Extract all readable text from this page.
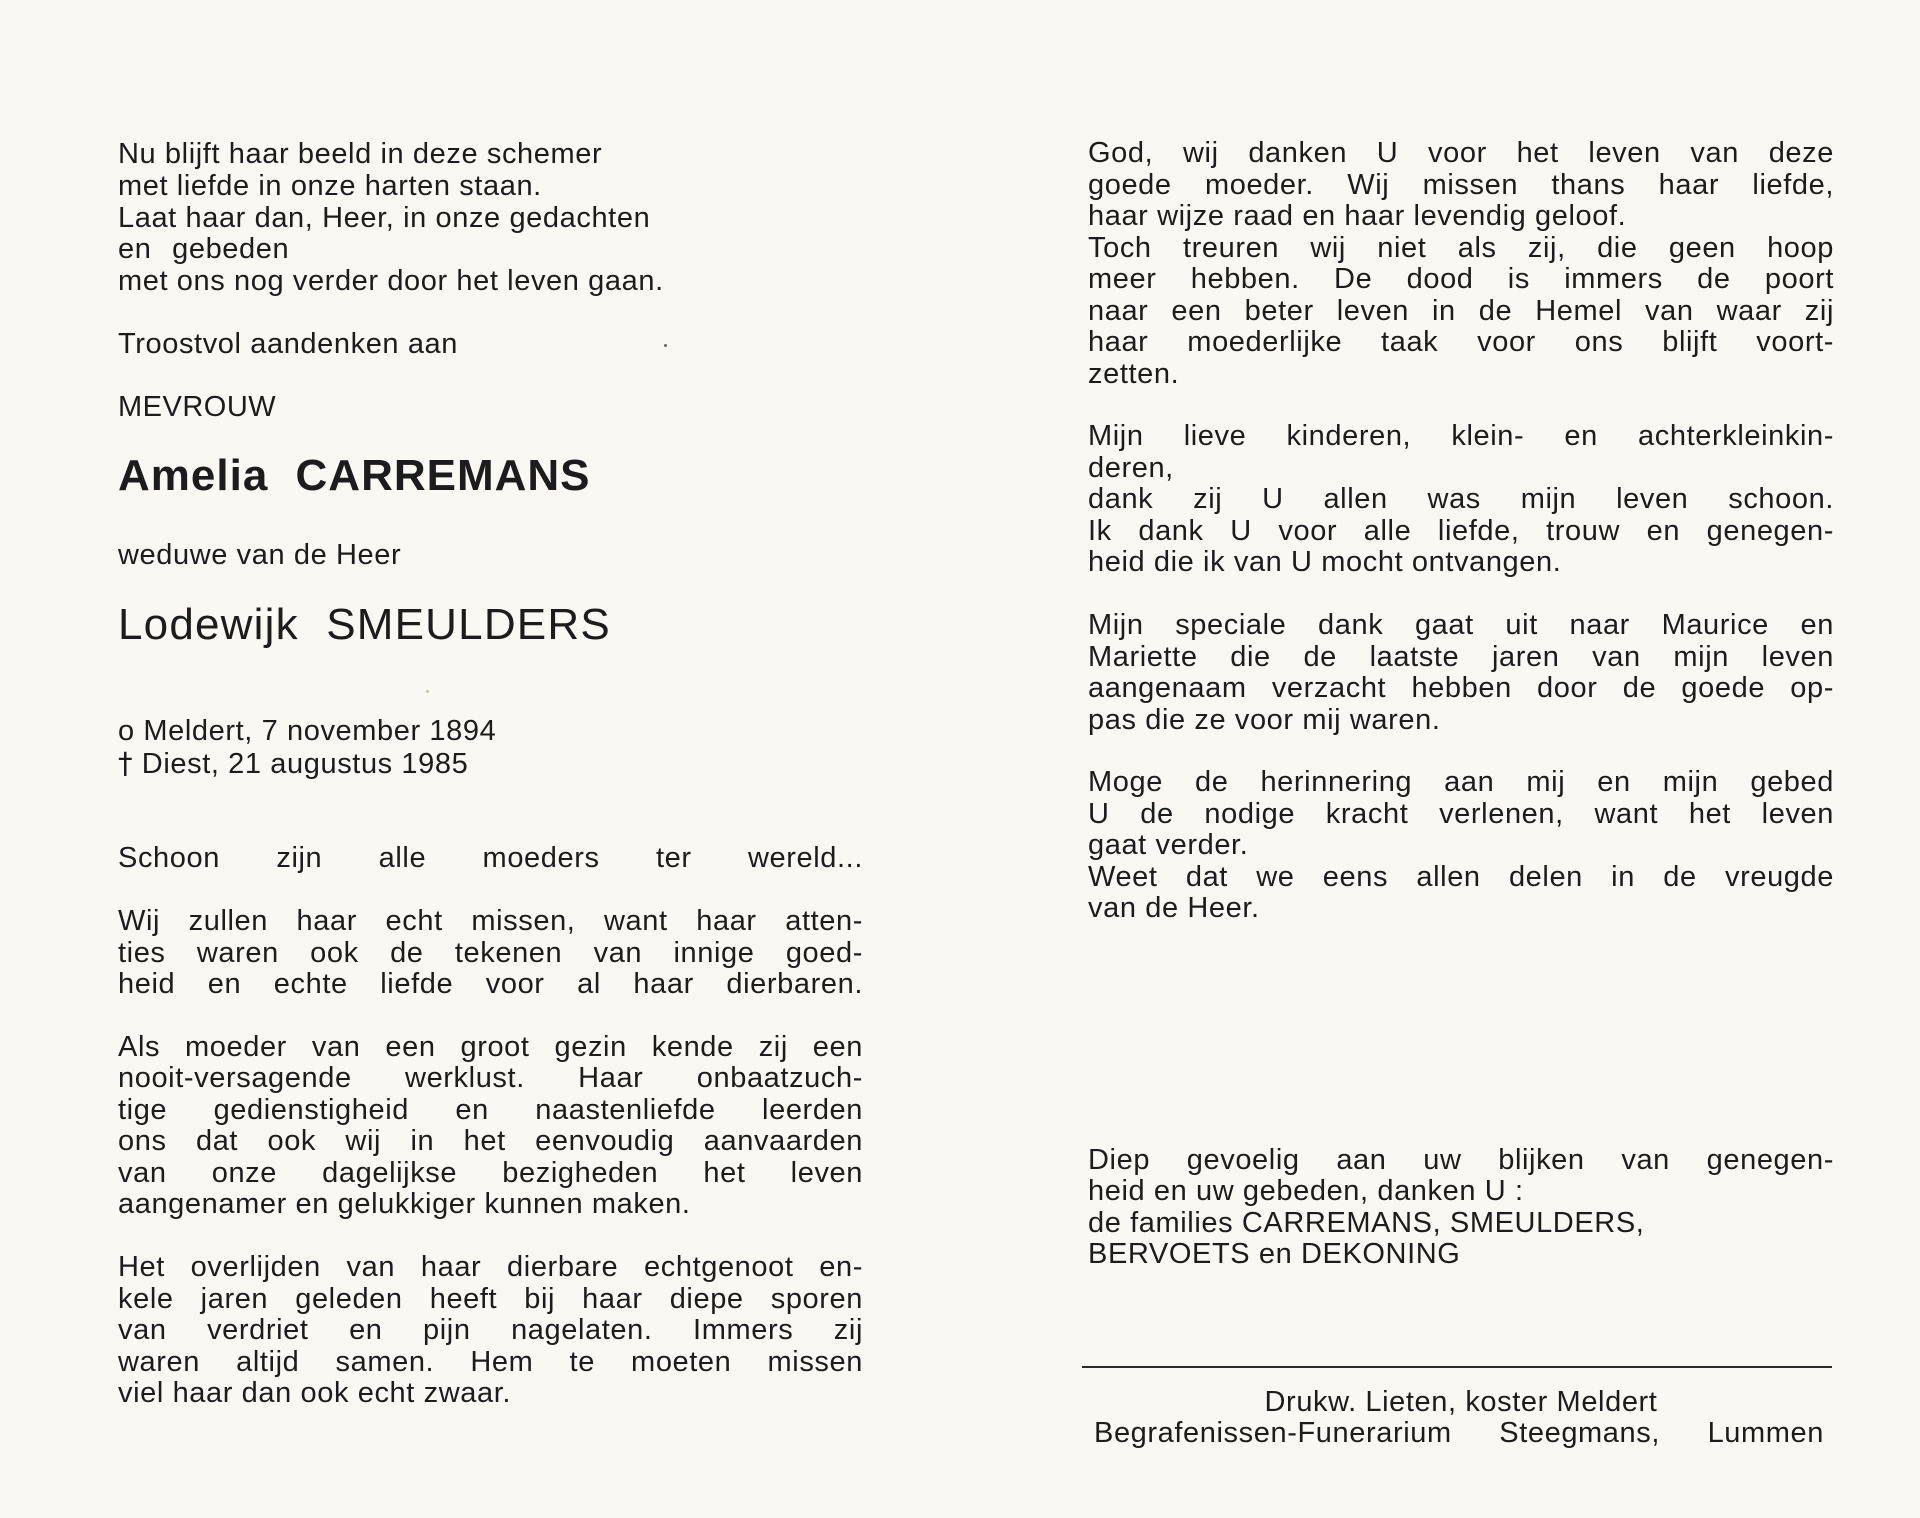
Nu blijft haar beeld in deze schemer
met liefde in onze harten staan.
Laat haar dan, Heer, in onze gedachten
en gebeden
met ons nog verder door het leven gaan.
Troostvol aandenken aan
MEVROUW
Amelia CARREMANS
weduwe van de Heer
Lodewijk SMEULDERS
o Meldert, 7 november 1894
† Diest, 21 augustus 1985
Schoon zijn alle moeders ter wereld...
Wij zullen haar echt missen, want haar atten-
ties waren ook de tekenen van innige goed-
heid en echte liefde voor al haar dierbaren.
Als moeder van een groot gezin kende zij een
nooit-versagende werklust. Haar onbaatzuch-
tige gedienstigheid en naastenliefde leerden
ons dat ook wij in het eenvoudig aanvaarden
van onze dagelijkse bezigheden het leven
aangenamer en gelukkiger kunnen maken.
Het overlijden van haar dierbare echtgenoot en-
kele jaren geleden heeft bij haar diepe sporen
van verdriet en pijn nagelaten. Immers zij
waren altijd samen. Hem te moeten missen
viel haar dan ook echt zwaar.
God, wij danken U voor het leven van deze
goede moeder. Wij missen thans haar liefde,
haar wijze raad en haar levendig geloof.
Toch treuren wij niet als zij, die geen hoop
meer hebben. De dood is immers de poort
naar een beter leven in de Hemel van waar zij
haar moederlijke taak voor ons blijft voort-
zetten.
Mijn lieve kinderen, klein- en achterkleinkin-
deren,
dank zij U allen was mijn leven schoon.
Ik dank U voor alle liefde, trouw en genegen-
heid die ik van U mocht ontvangen.
Mijn speciale dank gaat uit naar Maurice en
Mariette die de laatste jaren van mijn leven
aangenaam verzacht hebben door de goede op-
pas die ze voor mij waren.
Moge de herinnering aan mij en mijn gebed
U de nodige kracht verlenen, want het leven
gaat verder.
Weet dat we eens allen delen in de vreugde
van de Heer.
Diep gevoelig aan uw blijken van genegen-
heid en uw gebeden, danken U :
de families CARREMANS, SMEULDERS,
BERVOETS en DEKONING
Drukw. Lieten, koster Meldert
Begrafenissen-Funerarium Steegmans, Lummen
